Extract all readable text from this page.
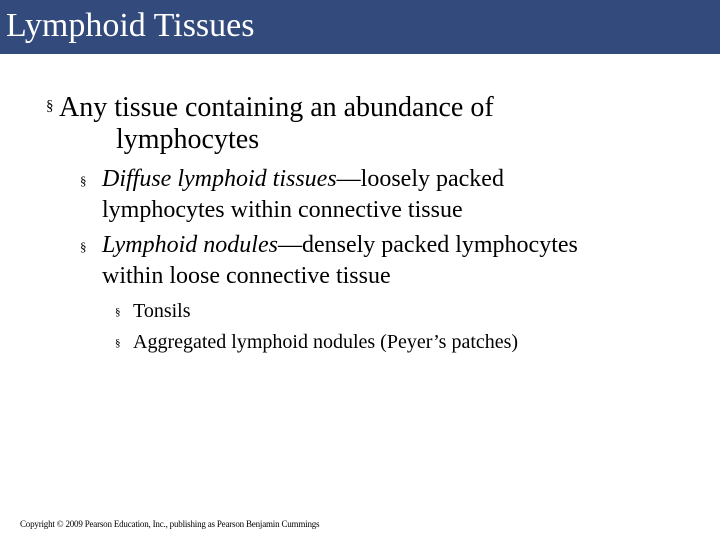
Lymphoid Tissues
§ Any tissue containing an abundance of
lymphocytes
§ Diffuse lymphoid tissues—loosely packed
lymphocytes within connective tissue
§ Lymphoid nodules—densely packed lymphocytes
within loose connective tissue
§ Tonsils
§ Aggregated lymphoid nodules (Peyer’s patches)
Copyright © 2009 Pearson Education, Inc., publishing as Pearson Benjamin Cummings
